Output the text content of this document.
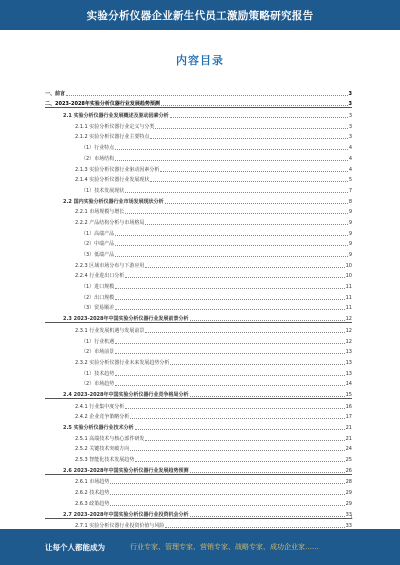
实验分析仪器企业新生代员工激励策略研究报告
内容目录
一、前言	3
二、2023-2028年实验分析仪器行业发展趋势预测	3
2.1 实验分析仪器行业发展概述及驱动因素分析	3
2.1.1 实验分析仪器行业定义与分类	3
2.1.2 实验分析仪器行业主要特点	3
（1）行业特点	4
（2）市场结构	4
2.1.3 实验分析仪器行业驱动因素分析	4
2.1.4 实验分析仪器行业发展现状	5
（1）技术发展现状	7
2.2 国内实验分析仪器行业市场发展现状分析	8
2.2.1 市场规模与增长	9
2.2.2 产品结构分析与市场格局	9
（1）高端产品	9
（2）中端产品	9
（3）低端产品	9
2.2.3 区域市场分布与下游应用	10
2.2.4 行业进出口分析	10
（1）进口规模	11
（2）出口规模	11
（3）贸易顺差	11
2.3 2023-2028年中国实验分析仪器行业发展前景分析	12
2.3.1 行业发展机遇与发展前景	12
（1）行业机遇	12
（2）市场前景	13
2.3.2 实验分析仪器行业未来发展趋势分析	13
（1）技术趋势	13
（2）市场趋势	14
2.4 2023-2028年中国实验分析仪器行业竞争格局分析	15
2.4.1 行业集中度分析	16
2.4.2 企业竞争策略分析	17
2.5 实验分析仪器行业技术分析	21
2.5.1 高端技术与核心部件研发	21
2.5.2 关键技术突破方向	24
2.5.3 智能化技术发展趋势	25
2.6 2023-2028年中国实验分析仪器行业发展趋势预测	26
2.6.1 市场趋势	28
2.6.2 技术趋势	29
2.6.3 政策趋势	29
2.7 2023-2028年中国实验分析仪器行业投资机会分析	33
2.7.1 实验分析仪器行业投资价值与风险	33
1
让每个人都能成为	行业专家、管理专家、营销专家、战略专家、成功企业家……
